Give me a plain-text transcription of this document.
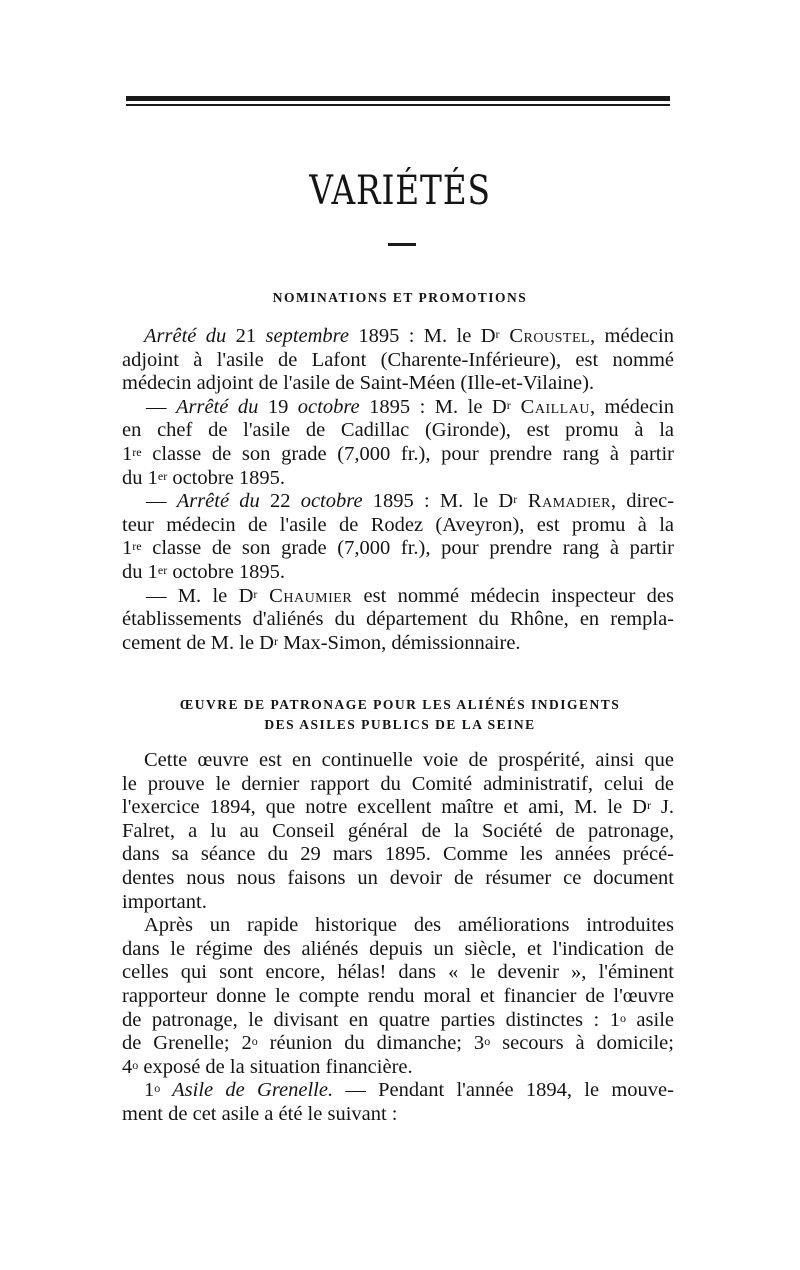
VARIÉTÉS
NOMINATIONS ET PROMOTIONS
Arrêté du 21 septembre 1895 : M. le $D^r$ Croustel, médecin
adjoint à l'asile de Lafont (Charente-Inférieure), est nommé
médecin adjoint de l'asile de Saint-Méen (Ille-et-Vilaine).
— Arrêté du 19 octobre 1895 : M. le $D^r$ Caillau, médecin
en chef de l'asile de Cadillac (Gironde), est promu à la
1re classe de son grade (7,000 fr.), pour prendre rang à partir
du 1er octobre 1895.
— Arrêté du 22 octobre 1895 : M. le $D^r$ Ramadier, direc-
teur médecin de l'asile de Rodez (Aveyron), est promu à la
1re classe de son grade (7,000 fr.), pour prendre rang à partir
du 1er octobre 1895.
— M. le $D^r$ Chaumier est nommé médecin inspecteur des
établissements d'aliénés du département du Rhône, en rempla-
cement de M. le $D^r$ Max-Simon, démissionnaire.
ŒUVRE DE PATRONAGE POUR LES ALIÉNÉS INDIGENTS
DES ASILES PUBLICS DE LA SEINE
Cette œuvre est en continuelle voie de prospérité, ainsi que
le prouve le dernier rapport du Comité administratif, celui de
l'exercice 1894, que notre excellent maître et ami, M. le $D^r$ J.
Falret, a lu au Conseil général de la Société de patronage,
dans sa séance du 29 mars 1895. Comme les années précé-
dentes nous nous faisons un devoir de résumer ce document
important.
Après un rapide historique des améliorations introduites
dans le régime des aliénés depuis un siècle, et l'indication de
celles qui sont encore, hélas! dans « le devenir », l'éminent
rapporteur donne le compte rendu moral et financier de l'œuvre
de patronage, le divisant en quatre parties distinctes : 1$^o$ asile
de Grenelle; 2$^o$ réunion du dimanche; 3$^o$ secours à domicile;
4$^o$ exposé de la situation financière.
1$^o$ Asile de Grenelle. — Pendant l'année 1894, le mouve-
ment de cet asile a été le suivant :
